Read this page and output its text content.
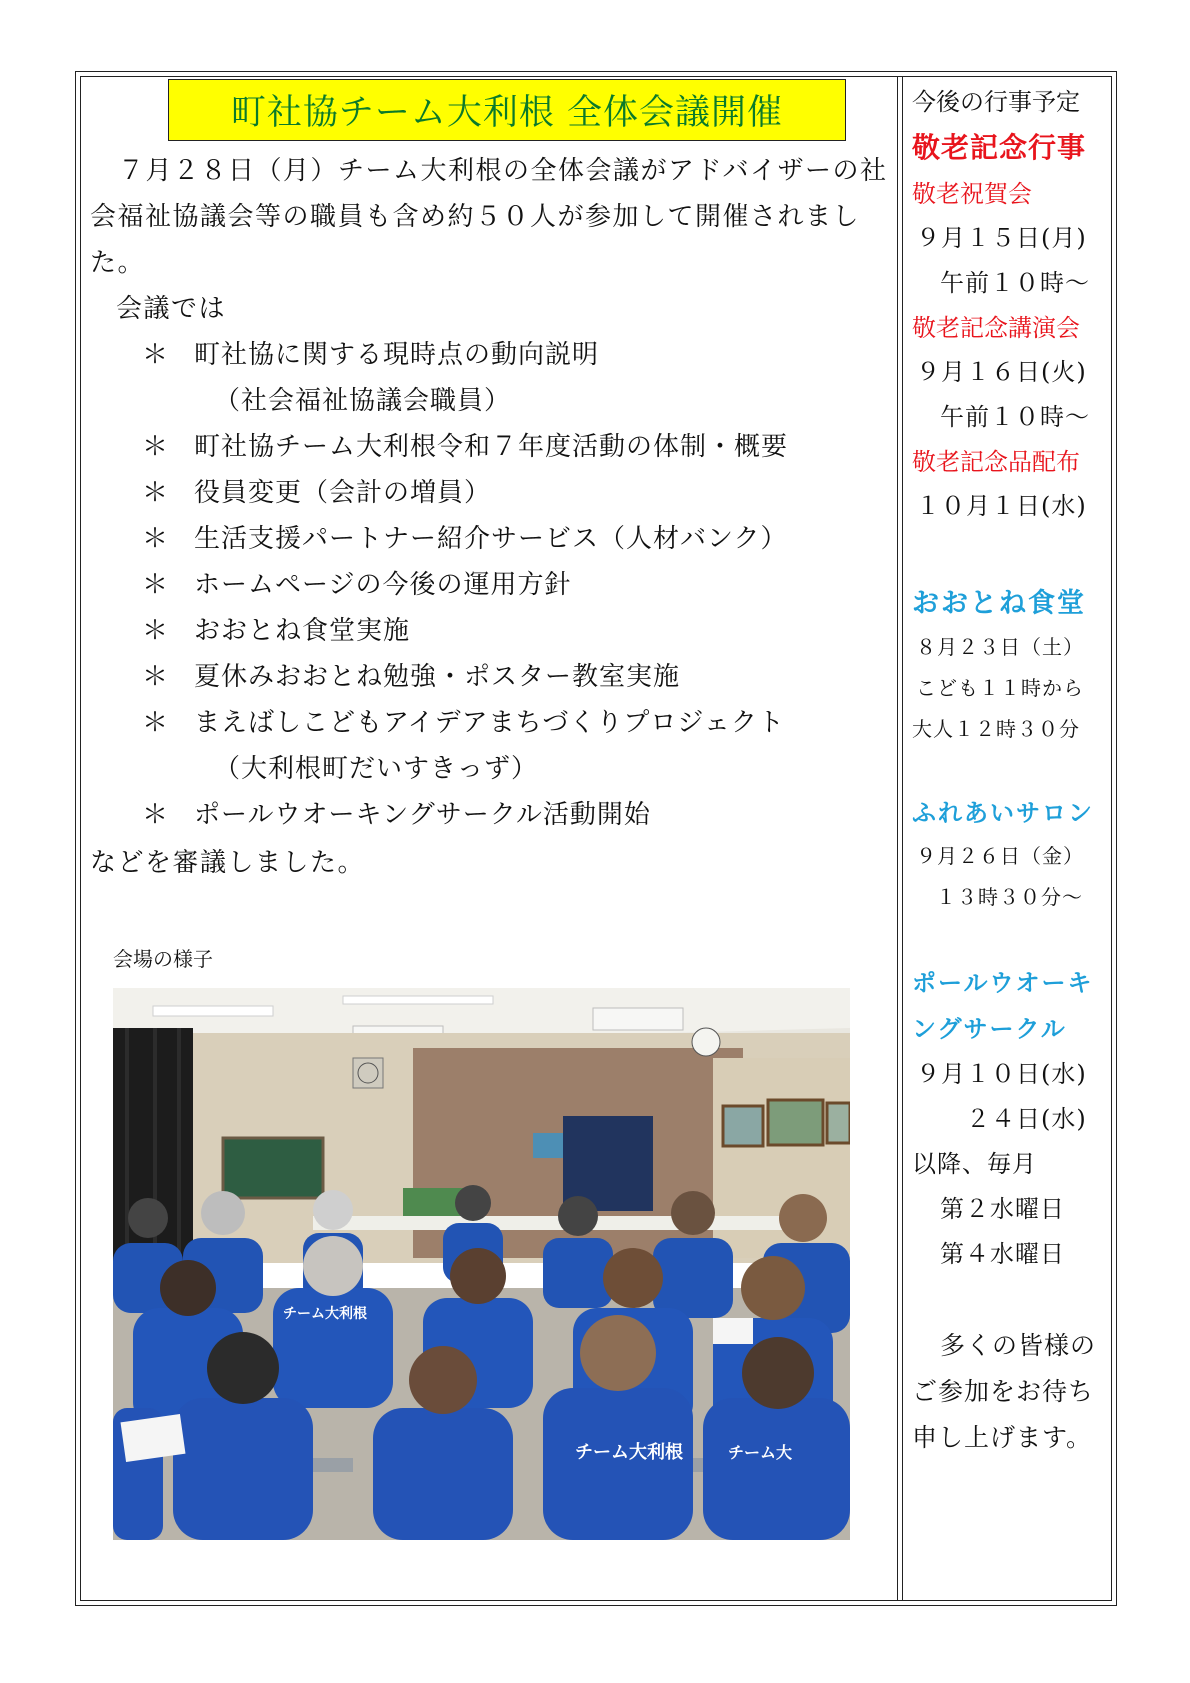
町社協チーム大利根 全体会議開催

７月２８日（月）チーム大利根の全体会議がアドバイザーの社
会福祉協議会等の職員も含め約５０人が参加して開催されまし
た。

会議では

＊ 町社協に関する現時点の動向説明
（社会福祉協議会職員）
＊ 町社協チーム大利根令和７年度活動の体制・概要
＊ 役員変更（会計の増員）
＊ 生活支援パートナー紹介サービス（人材バンク）
＊ ホームページの今後の運用方針
＊ おおとね食堂実施
＊ 夏休みおおとね勉強・ポスター教室実施
＊ まえばしこどもアイデアまちづくりプロジェクト
（大利根町だいすきっず）
＊ ポールウオーキングサークル活動開始

などを審議しました。

会場の様子

チーム大利根
チーム大利根	チーム大

今後の行事予定

敬老記念行事

敬老祝賀会

９月１５日(月)

午前１０時～

敬老記念講演会

９月１６日(火)

午前１０時～

敬老記念品配布

１０月１日(水)

おおとね食堂

８月２３日（土）

こども１１時から

大人１２時３０分

ふれあいサロン

９月２６日（金）

１３時３０分～

ポールウオーキ

ングサークル

９月１０日(水)

２４日(水)

以降、毎月

第２水曜日

第４水曜日

多くの皆様の

ご参加をお待ち

申し上げます。
